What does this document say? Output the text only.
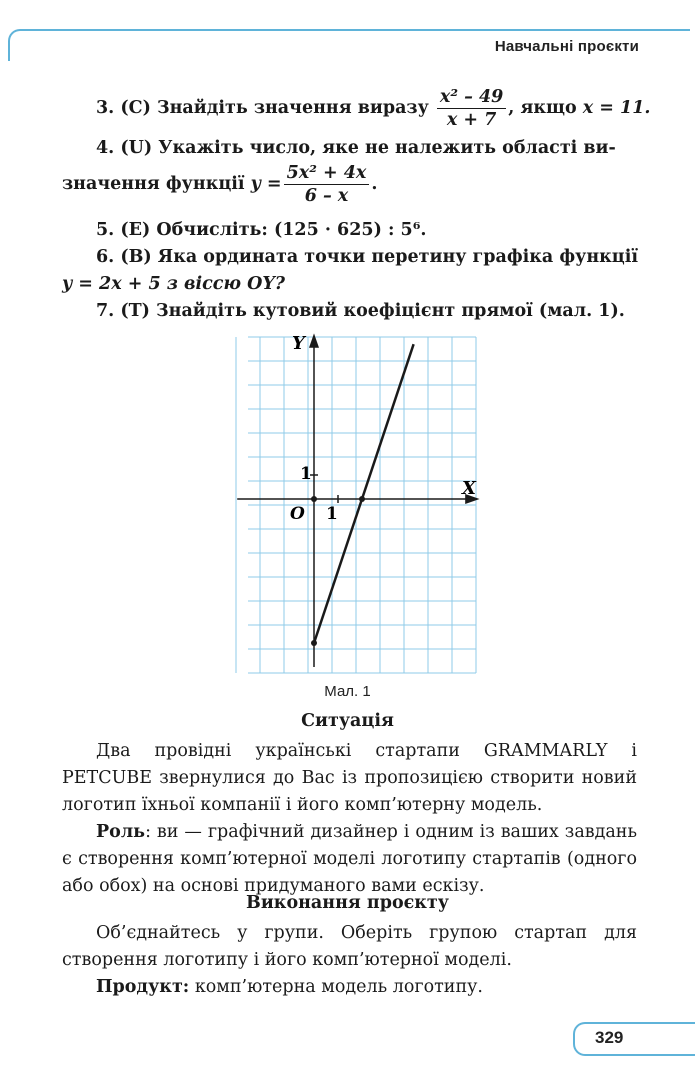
Навчальні проєкти
3. (С) Знайдіть значення виразу $\frac{\text{x² – 49}}{x + 7}$ , якщо x = 11.
4. (U) Укажіть число, яке не належить області ви-
значення функції $y = \frac{\text{5x² + 4x}}{6 - x}$ .
5. (Е) Обчисліть: (125 · 625) : 5⁶.
6. (В) Яка ордината точки перетину графіка функції
y = 2x + 5 з віссю OY?
7. (Т) Знайдіть кутовий коефіцієнт прямої (мал. 1).
Y
X
O 1
1
Мал. 1
Ситуація

Два провідні українські стартапи GRAMMARLY і PETCUBE звернулися до Вас із пропозицією створити новий логотип їхньої компанії і його комп’ютерну модель.

Роль: ви — графічний дизайнер і одним із ваших завдань є створення комп’ютерної моделі логотипу стартапів (одного або обох) на основі придуманого вами ескізу.

Виконання проєкту

Об’єднайтесь у групи. Оберіть групою стартап для створення логотипу і його комп’ютерної моделі.

Продукт: комп’ютерна модель логотипу.

329
